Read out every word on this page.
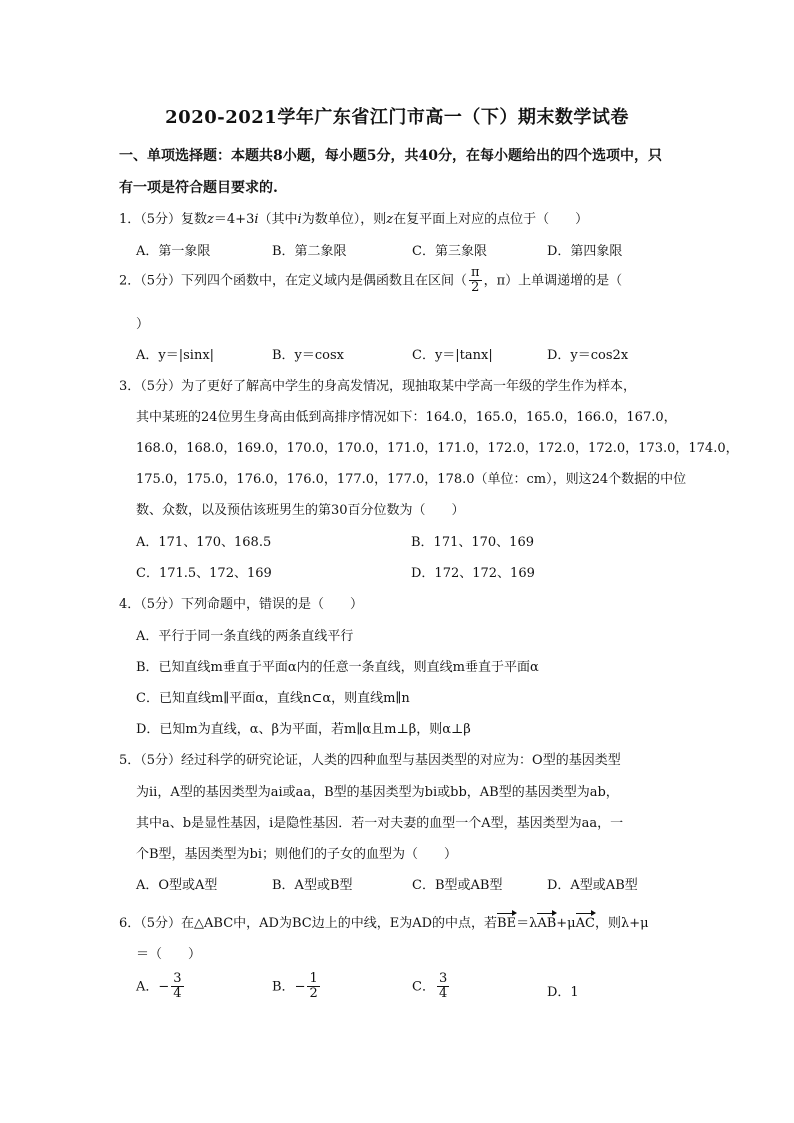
2020-2021学年广东省江门市高一（下）期末数学试卷
一、单项选择题：本题共8小题，每小题5分，共40分，在每小题给出的四个选项中，只
有一项是符合题目要求的.
1．（5分）复数z＝4+3i（其中i为数单位），则z在复平面上对应的点位于（　　）
A．第一象限	B．第二象限	C．第三象限	D．第四象限
2．（5分）下列四个函数中，在定义域内是偶函数且在区间（ $\frac{\pi}{2}$ ，π）上单调递增的是（
）
A．y＝|sinx|	B．y＝cosx	C．y＝|tanx|	D．y＝cos2x
3．（5分）为了更好了解高中学生的身高发情况，现抽取某中学高一年级的学生作为样本，
其中某班的24位男生身高由低到高排序情况如下：164.0，165.0，165.0，166.0，167.0，
168.0，168.0，169.0，170.0，170.0，171.0，171.0，172.0，172.0，172.0，173.0，174.0，
175.0，175.0，176.0，176.0，177.0，177.0，178.0（单位：cm），则这24个数据的中位
数、众数，以及预估该班男生的第30百分位数为（　　）
A．171、170、168.5	B．171、170、169
C．171.5、172、169	D．172、172、169
4．（5分）下列命题中，错误的是（　　）
A．平行于同一条直线的两条直线平行
B．已知直线m垂直于平面α内的任意一条直线，则直线m垂直于平面α
C．已知直线m∥平面α，直线n⊂α，则直线m∥n
D．已知m为直线，α、β为平面，若m∥α且m⊥β，则α⊥β
5．（5分）经过科学的研究论证，人类的四种血型与基因类型的对应为：O型的基因类型
为ii，A型的基因类型为ai或aa，B型的基因类型为bi或bb，AB型的基因类型为ab，
其中a、b是显性基因，i是隐性基因．若一对夫妻的血型一个A型，基因类型为aa，一
个B型，基因类型为bi；则他们的子女的血型为（　　）
A．O型或A型	B．A型或B型	C．B型或AB型	D．A型或AB型
6．（5分）在△ABC中，AD为BC边上的中线，E为AD的中点，若BE＝λAB+μAC，则λ+μ
＝（　　）
A．− $\frac{3}{4}$	B．− $\frac{1}{2}$	C． $\frac{3}{4}$	D．1
